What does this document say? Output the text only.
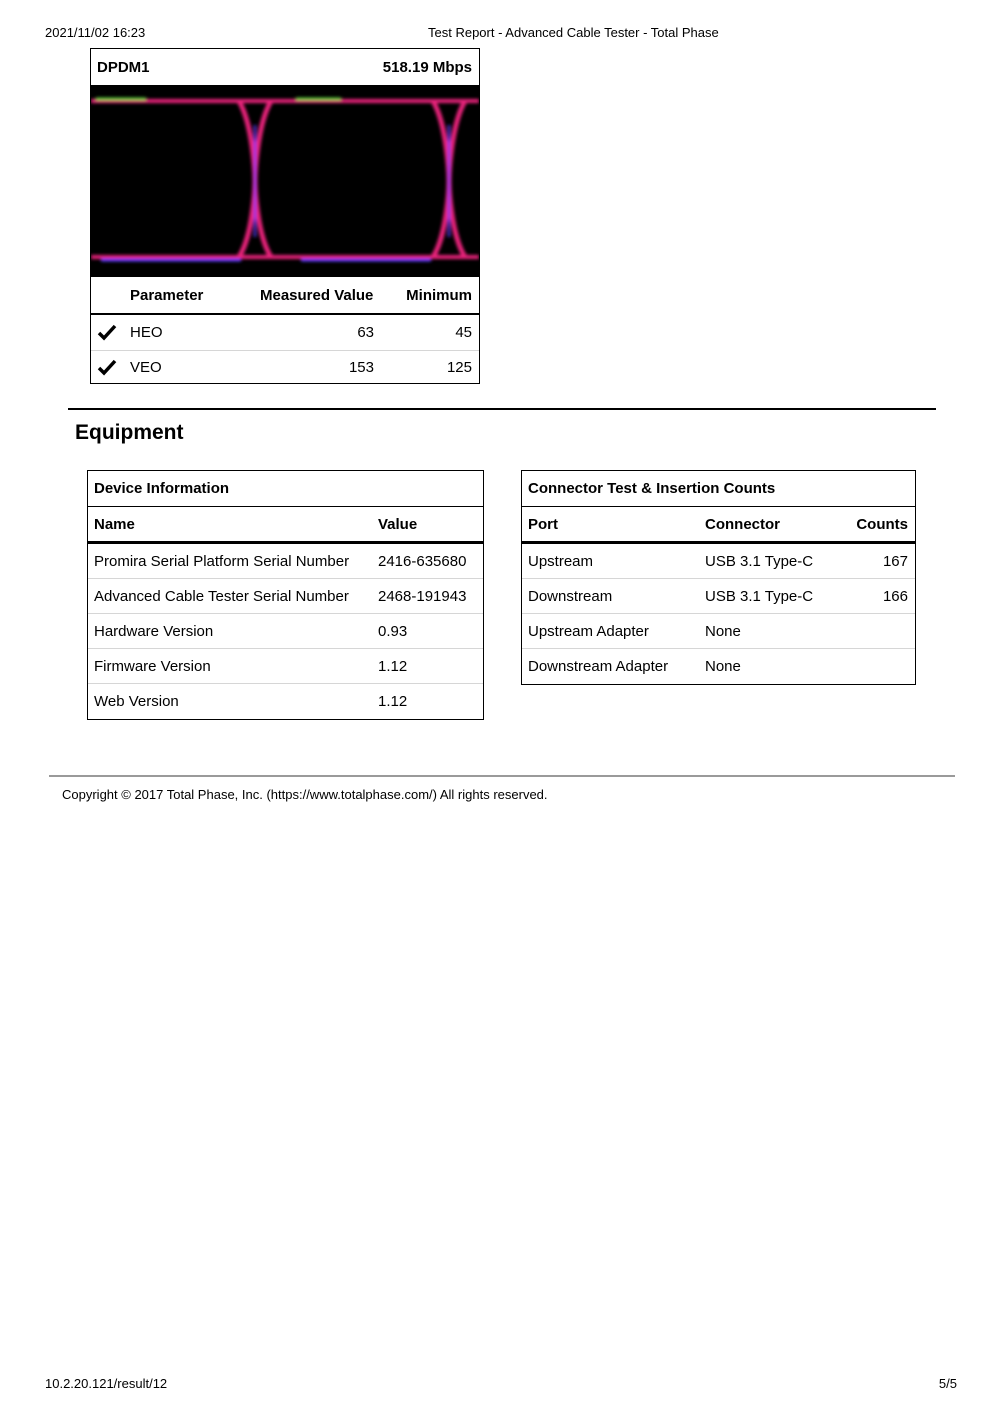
2021/11/02 16:23	Test Report - Advanced Cable Tester - Total Phase
DPDM1	518.19 Mbps
Parameter	Measured Value Minimum
HEO	63	45
VEO	153	125
Equipment
Device Information
Name	Value
Promira Serial Platform Serial Number 2416-635680
Advanced Cable Tester Serial Number 2468-191943
Hardware Version	0.93
Firmware Version	1.12
Web Version	1.12
Connector Test & Insertion Counts
Port	Connector	Counts
Upstream	USB 3.1 Type-C	167
Downstream	USB 3.1 Type-C	166
Upstream Adapter	None
Downstream Adapter None
Copyright © 2017 Total Phase, Inc. (https://www.totalphase.com/) All rights reserved.
10.2.20.121/result/12	5/5
